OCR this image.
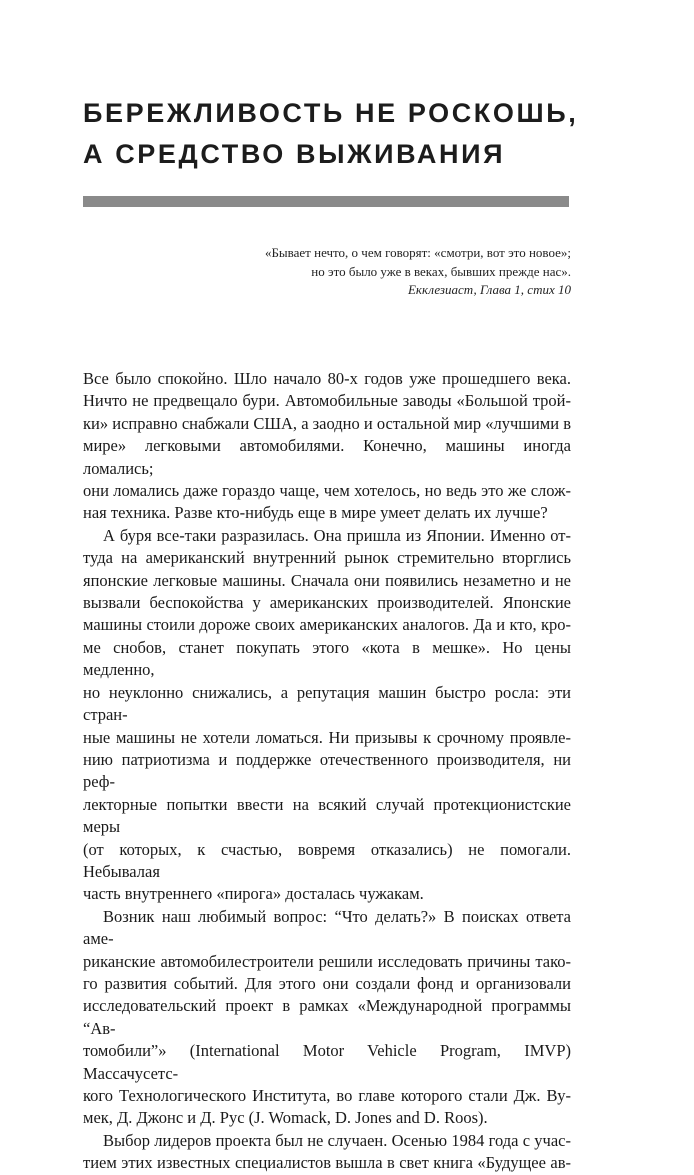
БЕРЕЖЛИВОСТЬ НЕ РОСКОШЬ,
А СРЕДСТВО ВЫЖИВАНИЯ
«Бывает нечто, о чем говорят: «смотри, вот это новое»;
но это было уже в веках, бывших прежде нас».
Екклезиаст, Глава 1, стих 10

Все было спокойно. Шло начало 80-х годов уже прошедшего века.

Ничто не предвещало бури. Автомобильные заводы «Большой трой-

ки» исправно снабжали США, а заодно и остальной мир «лучшими в

мире» легковыми автомобилями. Конечно, машины иногда ломались;

они ломались даже гораздо чаще, чем хотелось, но ведь это же слож-

ная техника. Разве кто-нибудь еще в мире умеет делать их лучше?

А буря все-таки разразилась. Она пришла из Японии. Именно от-

туда на американский внутренний рынок стремительно вторглись

японские легковые машины. Сначала они появились незаметно и не

вызвали беспокойства у американских производителей. Японские

машины стоили дороже своих американских аналогов. Да и кто, кро-

ме снобов, станет покупать этого «кота в мешке». Но цены медленно,

но неуклонно снижались, а репутация машин быстро росла: эти стран-

ные машины не хотели ломаться. Ни призывы к срочному проявле-

нию патриотизма и поддержке отечественного производителя, ни реф-

лекторные попытки ввести на всякий случай протекционистские меры

(от которых, к счастью, вовремя отказались) не помогали. Небывалая

часть внутреннего «пирога» досталась чужакам.

Возник наш любимый вопрос: “Что делать?» В поисках ответа аме-

риканские автомобилестроители решили исследовать причины тако-

го развития событий. Для этого они создали фонд и организовали

исследовательский проект в рамках «Международной программы “Ав-

томобили”» (International Motor Vehicle Program, IMVP) Массачусетс-

кого Технологического Института, во главе которого стали Дж. Ву-

мек, Д. Джонс и Д. Рус (J. Womack, D. Jones and D. Roos).

Выбор лидеров проекта был не случаен. Осенью 1984 года с учас-

тием этих известных специалистов вышла в свет книга «Будущее ав-
